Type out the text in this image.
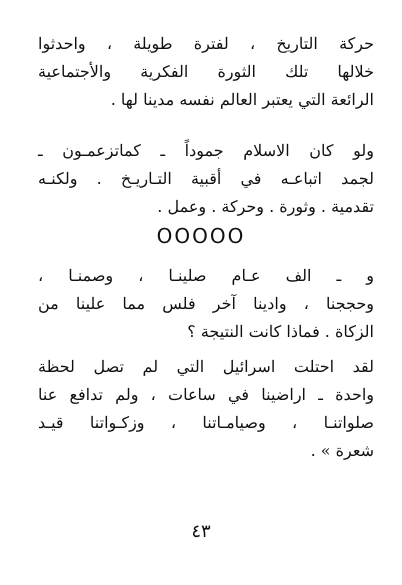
حركة التاريخ ، لفترة طويلة ، واحدثوا
خلالها تلك الثورة الفكرية والأجتماعية
الرائعة التي يعتبر العالم نفسه مدينا لها .
ولو كان الاسلام جموداً ـ كماتزعمـون ـ
لجمد اتباعـه في أقبية التـاريـخ . ولكنـه
تقدمية . وثورة . وحركة . وعمل .
OOOOO
و ـ الف عـام صلينـا ، وصمنـا ،
وحججنا ، وادينا آخر فلس مما علينا من
الزكاة . فماذا كانت النتيجة ؟
لقد احتلت اسرائيل التي لم تصل لحظة
واحدة ـ اراضينا في ساعات ، ولم تدافع عنا
صلواتنـا ، وصيامـاتنا ، وزكـواتنا قيـد
شعرة » .
٤٣
